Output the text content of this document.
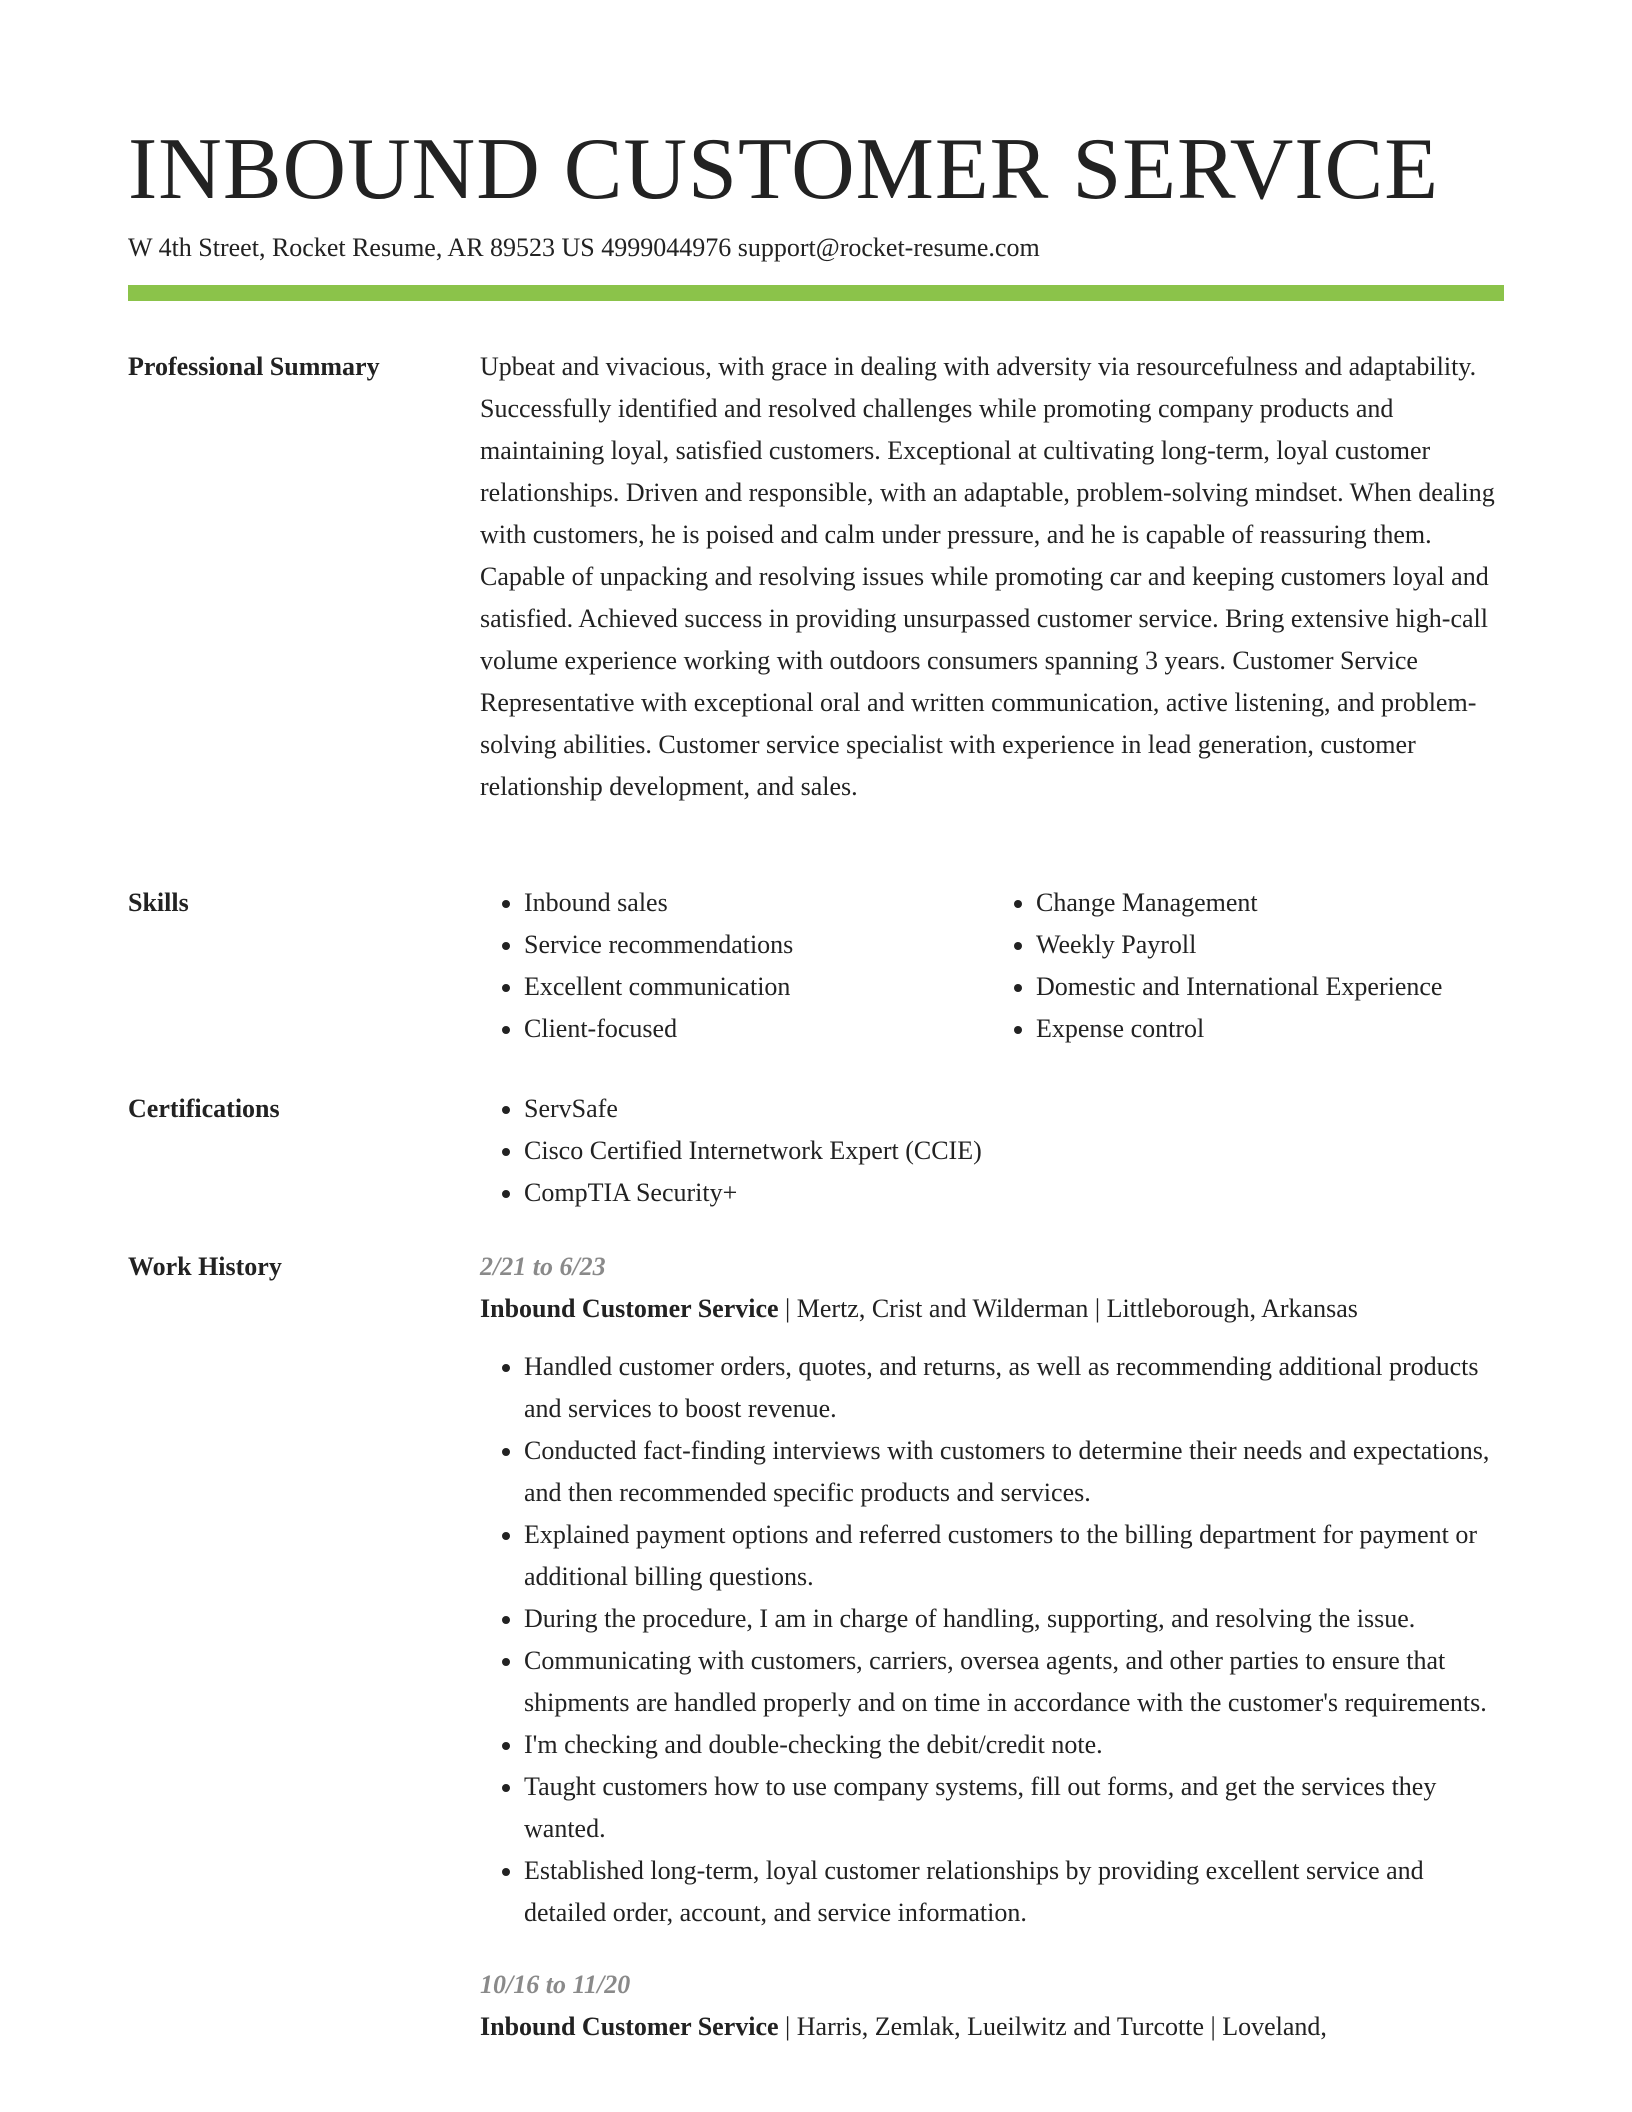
INBOUND CUSTOMER SERVICE
W 4th Street, Rocket Resume, AR 89523 US 4999044976 support@rocket-resume.com
Professional Summary	Upbeat and vivacious, with grace in dealing with adversity via resourcefulness and adaptability. Successfully identified and resolved challenges while promoting company products and maintaining loyal, satisfied customers. Exceptional at cultivating long-term, loyal customer relationships. Driven and responsible, with an adaptable, problem-solving mindset. When dealing with customers, he is poised and calm under pressure, and he is capable of reassuring them. Capable of unpacking and resolving issues while promoting car and keeping customers loyal and satisfied. Achieved success in providing unsurpassed customer service. Bring extensive high-call volume experience working with outdoors consumers spanning 3 years. Customer Service Representative with exceptional oral and written communication, active listening, and problem-solving abilities. Customer service specialist with experience in lead generation, customer relationship development, and sales.

Skills	• Inbound sales
• Service recommendations
• Excellent communication
• Client-focused
• Change Management
• Weekly Payroll
• Domestic and International Experience
• Expense control
Certifications	• ServSafe
• Cisco Certified Internetwork Expert (CCIE)
• CompTIA Security+
Work History	2/21 to 6/23
Inbound Customer Service | Mertz, Crist and Wilderman | Littleborough, Arkansas
• Handled customer orders, quotes, and returns, as well as recommending additional products and services to boost revenue.
• Conducted fact-finding interviews with customers to determine their needs and expectations, and then recommended specific products and services.
• Explained payment options and referred customers to the billing department for payment or additional billing questions.
• During the procedure, I am in charge of handling, supporting, and resolving the issue.
• Communicating with customers, carriers, oversea agents, and other parties to ensure that shipments are handled properly and on time in accordance with the customer's requirements.
• I'm checking and double-checking the debit/credit note.
• Taught customers how to use company systems, fill out forms, and get the services they wanted.
• Established long-term, loyal customer relationships by providing excellent service and detailed order, account, and service information.
10/16 to 11/20
Inbound Customer Service | Harris, Zemlak, Lueilwitz and Turcotte | Loveland,
